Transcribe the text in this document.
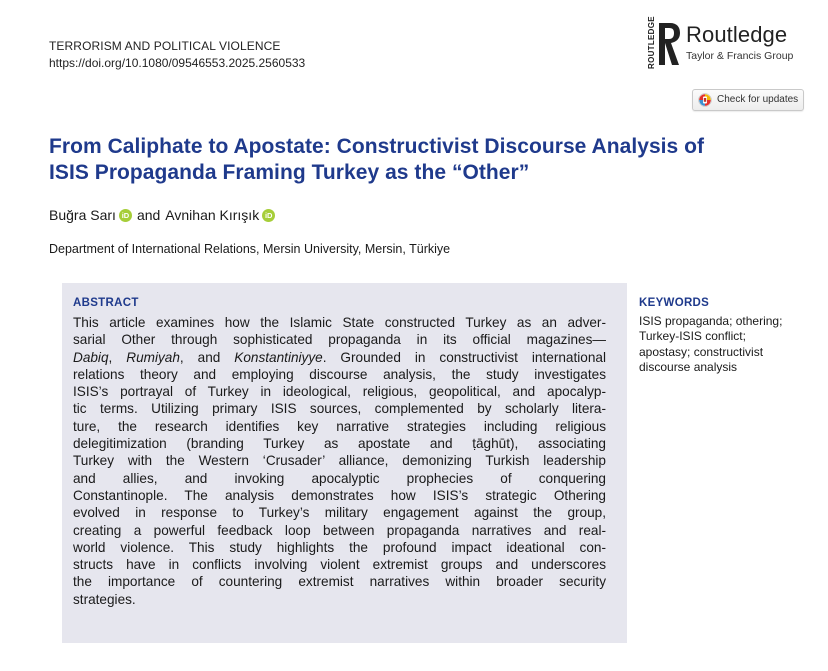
TERRORISM AND POLITICAL VIOLENCE
https://doi.org/10.1080/09546553.2025.2560533	ROUTLEDGE Routledge
Taylor & Francis Group
Check for updates
From Caliphate to Apostate: Constructivist Discourse Analysis of
ISIS Propaganda Framing Turkey as the “Other”
Buğra Sarı iD and Avnihan Kırışık iD
Department of International Relations, Mersin University, Mersin, Türkiye
ABSTRACT
This article examines how the Islamic State constructed Turkey as an adver-
sarial Other through sophisticated propaganda in its official magazines—
Dabiq, Rumiyah, and Konstantiniyye. Grounded in constructivist international
relations theory and employing discourse analysis, the study investigates
ISIS’s portrayal of Turkey in ideological, religious, geopolitical, and apocalyp-
tic terms. Utilizing primary ISIS sources, complemented by scholarly litera-
ture, the research identifies key narrative strategies including religious
delegitimization (branding Turkey as apostate and ṭāghūt), associating
Turkey with the Western ‘Crusader’ alliance, demonizing Turkish leadership
and allies, and invoking apocalyptic prophecies of conquering
Constantinople. The analysis demonstrates how ISIS’s strategic Othering
evolved in response to Turkey’s military engagement against the group,
creating a powerful feedback loop between propaganda narratives and real-
world violence. This study highlights the profound impact ideational con-
structs have in conflicts involving violent extremist groups and underscores
the importance of countering extremist narratives within broader security
strategies.
KEYWORDS
ISIS propaganda; othering;
Turkey-ISIS conflict;
apostasy; constructivist
discourse analysis
